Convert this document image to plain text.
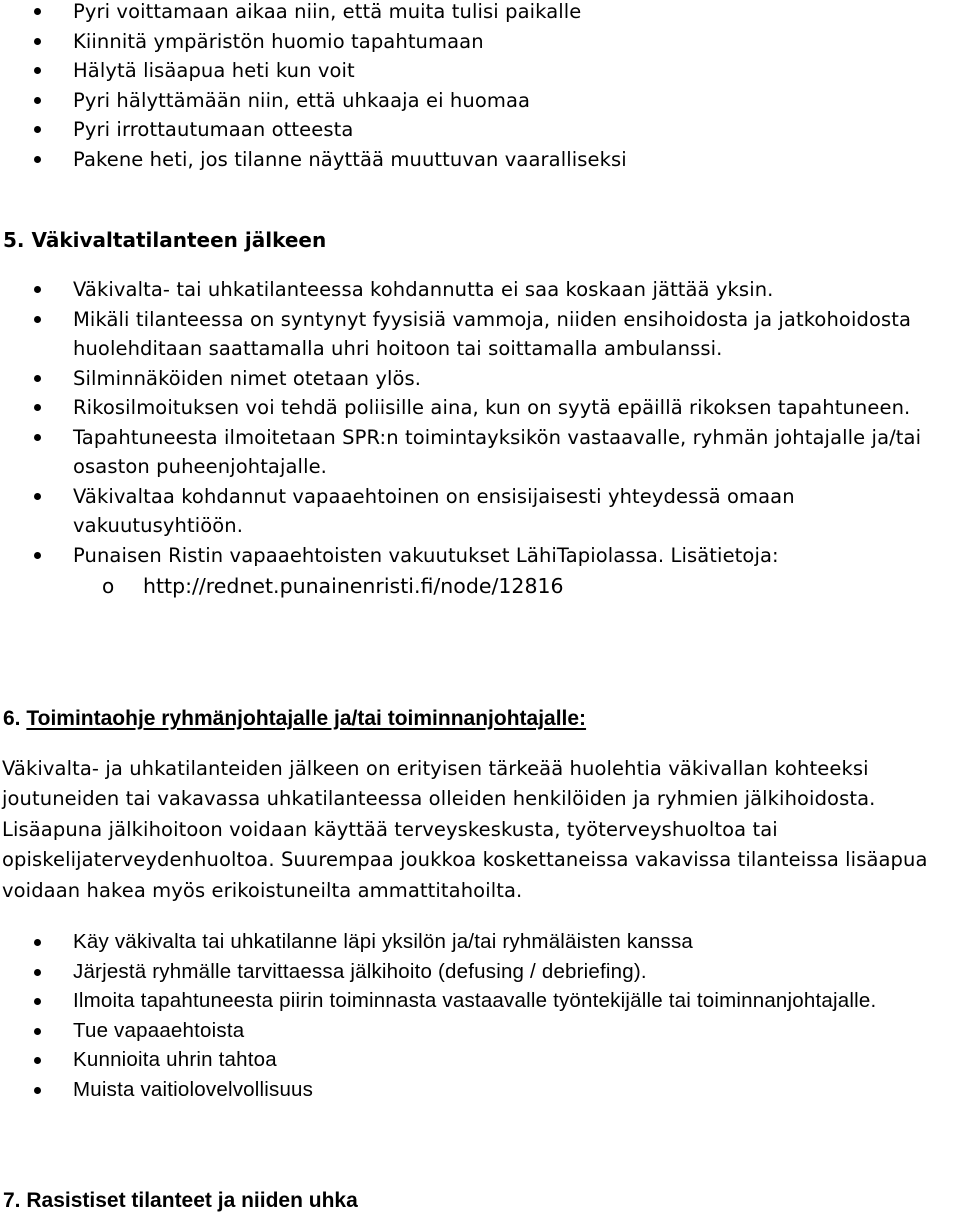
Pyri voittamaan aikaa niin, että muita tulisi paikalle
Kiinnitä ympäristön huomio tapahtumaan
Hälytä lisäapua heti kun voit
Pyri hälyttämään niin, että uhkaaja ei huomaa
Pyri irrottautumaan otteesta
Pakene heti, jos tilanne näyttää muuttuvan vaaralliseksi
5. Väkivaltatilanteen jälkeen
Väkivalta- tai uhkatilanteessa kohdannutta ei saa koskaan jättää yksin.
Mikäli tilanteessa on syntynyt fyysisiä vammoja, niiden ensihoidosta ja jatkohoidosta huolehditaan saattamalla uhri hoitoon tai soittamalla ambulanssi.
Silminnäköiden nimet otetaan ylös.
Rikosilmoituksen voi tehdä poliisille aina, kun on syytä epäillä rikoksen tapahtuneen.
Tapahtuneesta ilmoitetaan SPR:n toimintayksikön vastaavalle, ryhmän johtajalle ja/tai osaston puheenjohtajalle.
Väkivaltaa kohdannut vapaaehtoinen on ensisijaisesti yhteydessä omaan vakuutusyhtiöön.
Punaisen Ristin vapaaehtoisten vakuutukset LähiTapiolassa. Lisätietoja:
o http://rednet.punainenristi.fi/node/12816
6. Toimintaohje ryhmänjohtajalle ja/tai toiminnanjohtajalle:
Väkivalta- ja uhkatilanteiden jälkeen on erityisen tärkeää huolehtia väkivallan kohteeksi joutuneiden tai vakavassa uhkatilanteessa olleiden henkilöiden ja ryhmien jälkihoidosta. Lisäapuna jälkihoitoon voidaan käyttää terveyskeskusta, työterveyshuoltoa tai opiskelijaterveydenhuoltoa. Suurempaa joukkoa koskettaneissa vakavissa tilanteissa lisäapua voidaan hakea myös erikoistuneilta ammattitahoilta.
Käy väkivalta tai uhkatilanne läpi yksilön ja/tai ryhmäläisten kanssa
Järjestä ryhmälle tarvittaessa jälkihoito (defusing / debriefing).
Ilmoita tapahtuneesta piirin toiminnasta vastaavalle työntekijälle tai toiminnanjohtajalle.
Tue vapaaehtoista
Kunnioita uhrin tahtoa
Muista vaitiolovelvollisuus
7. Rasistiset tilanteet ja niiden uhka
